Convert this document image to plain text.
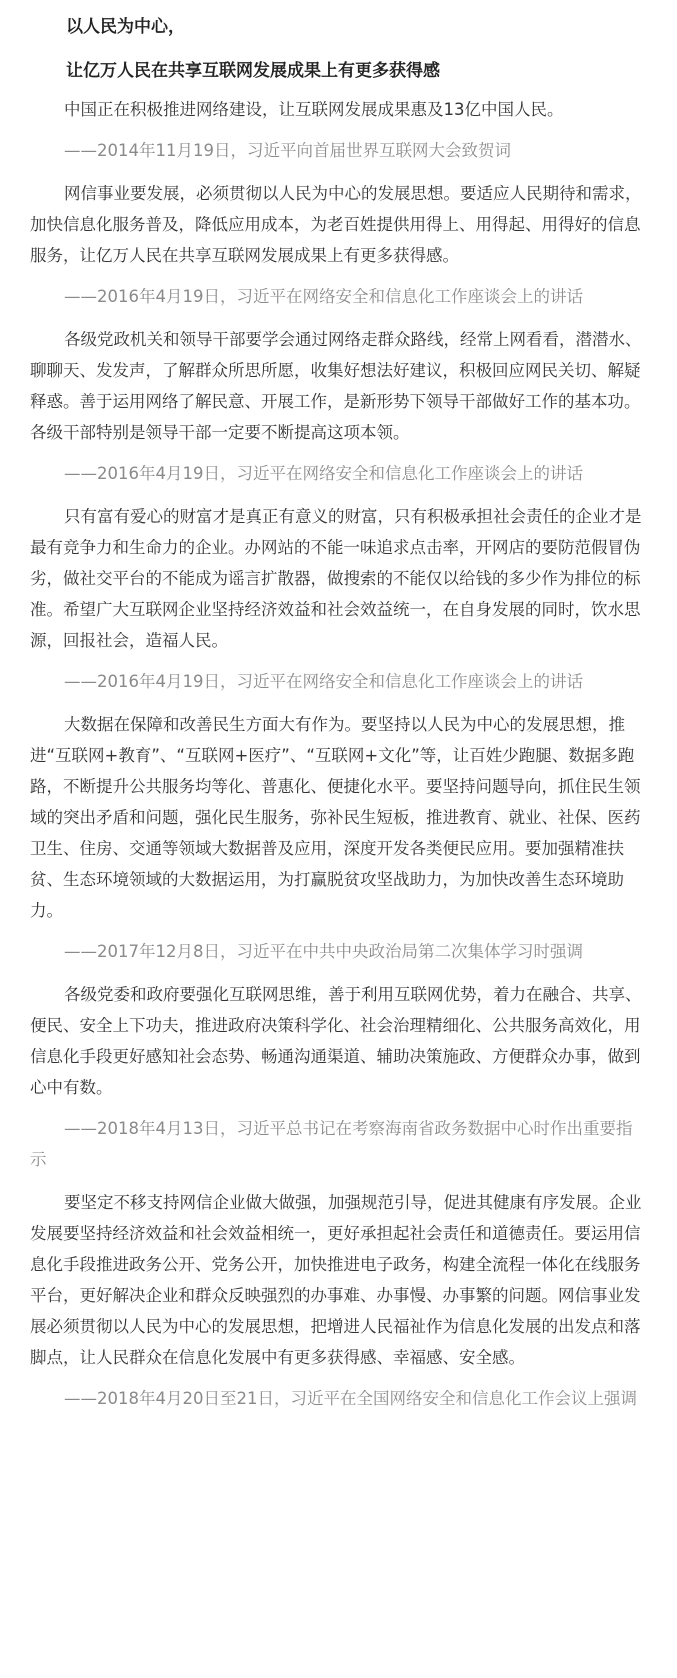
以人民为中心，

让亿万人民在共享互联网发展成果上有更多获得感

中国正在积极推进网络建设，让互联网发展成果惠及13亿中国人民。

——2014年11月19日，习近平向首届世界互联网大会致贺词

网信事业要发展，必须贯彻以人民为中心的发展思想。要适应人民期待和需求，加快信息化服务普及，降低应用成本，为老百姓提供用得上、用得起、用得好的信息服务，让亿万人民在共享互联网发展成果上有更多获得感。

——2016年4月19日，习近平在网络安全和信息化工作座谈会上的讲话

各级党政机关和领导干部要学会通过网络走群众路线，经常上网看看，潜潜水、聊聊天、发发声，了解群众所思所愿，收集好想法好建议，积极回应网民关切、解疑释惑。善于运用网络了解民意、开展工作，是新形势下领导干部做好工作的基本功。各级干部特别是领导干部一定要不断提高这项本领。

——2016年4月19日，习近平在网络安全和信息化工作座谈会上的讲话

只有富有爱心的财富才是真正有意义的财富，只有积极承担社会责任的企业才是最有竞争力和生命力的企业。办网站的不能一味追求点击率，开网店的要防范假冒伪劣，做社交平台的不能成为谣言扩散器，做搜索的不能仅以给钱的多少作为排位的标准。希望广大互联网企业坚持经济效益和社会效益统一，在自身发展的同时，饮水思源，回报社会，造福人民。

——2016年4月19日，习近平在网络安全和信息化工作座谈会上的讲话

大数据在保障和改善民生方面大有作为。要坚持以人民为中心的发展思想，推进“互联网+教育”、“互联网+医疗”、“互联网+文化”等，让百姓少跑腿、数据多跑路，不断提升公共服务均等化、普惠化、便捷化水平。要坚持问题导向，抓住民生领域的突出矛盾和问题，强化民生服务，弥补民生短板，推进教育、就业、社保、医药卫生、住房、交通等领域大数据普及应用，深度开发各类便民应用。要加强精准扶贫、生态环境领域的大数据运用，为打赢脱贫攻坚战助力，为加快改善生态环境助力。

——2017年12月8日，习近平在中共中央政治局第二次集体学习时强调

各级党委和政府要强化互联网思维，善于利用互联网优势，着力在融合、共享、便民、安全上下功夫，推进政府决策科学化、社会治理精细化、公共服务高效化，用信息化手段更好感知社会态势、畅通沟通渠道、辅助决策施政、方便群众办事，做到心中有数。

——2018年4月13日，习近平总书记在考察海南省政务数据中心时作出重要指示

要坚定不移支持网信企业做大做强，加强规范引导，促进其健康有序发展。企业发展要坚持经济效益和社会效益相统一，更好承担起社会责任和道德责任。要运用信息化手段推进政务公开、党务公开，加快推进电子政务，构建全流程一体化在线服务平台，更好解决企业和群众反映强烈的办事难、办事慢、办事繁的问题。网信事业发展必须贯彻以人民为中心的发展思想，把增进人民福祉作为信息化发展的出发点和落脚点，让人民群众在信息化发展中有更多获得感、幸福感、安全感。

——2018年4月20日至21日，习近平在全国网络安全和信息化工作会议上强调
